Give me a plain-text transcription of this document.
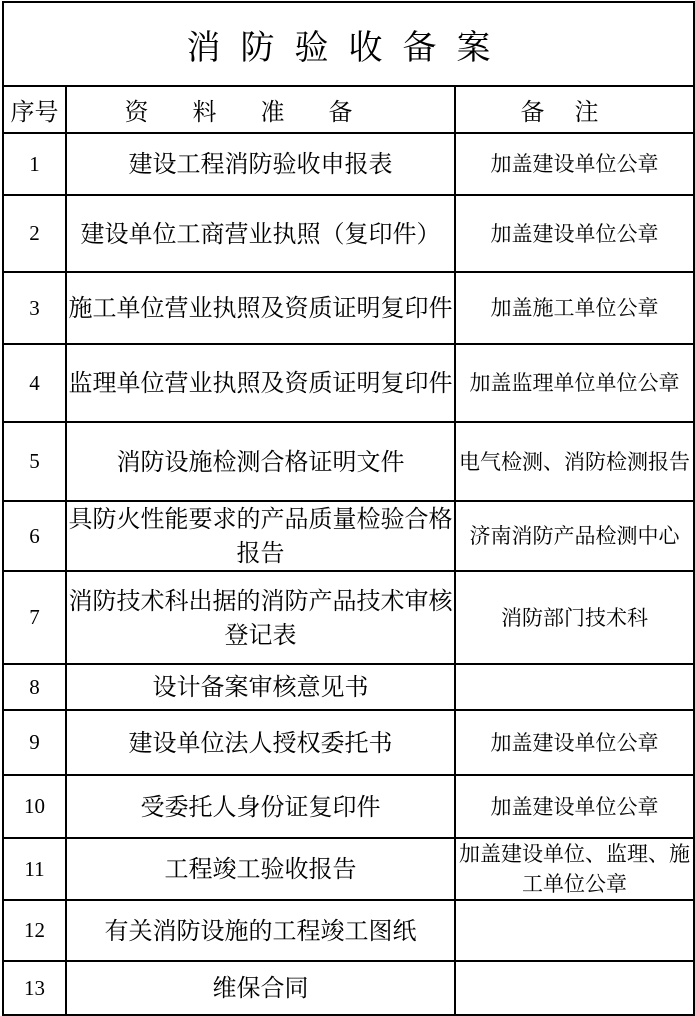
消防验收备案		
序号	资料准备	备注
1	建设工程消防验收申报表	加盖建设单位公章
2	建设单位工商营业执照（复印件）	加盖建设单位公章
3	施工单位营业执照及资质证明复印件	加盖施工单位公章
4	监理单位营业执照及资质证明复印件	加盖监理单位单位公章
5	消防设施检测合格证明文件	电气检测、消防检测报告
6	具防火性能要求的产品质量检验合格报告	济南消防产品检测中心
7	消防技术科出据的消防产品技术审核登记表	消防部门技术科
8	设计备案审核意见书	
9	建设单位法人授权委托书	加盖建设单位公章
10	受委托人身份证复印件	加盖建设单位公章
11	工程竣工验收报告	加盖建设单位、监理、施工单位公章
12	有关消防设施的工程竣工图纸	
13	维保合同	
